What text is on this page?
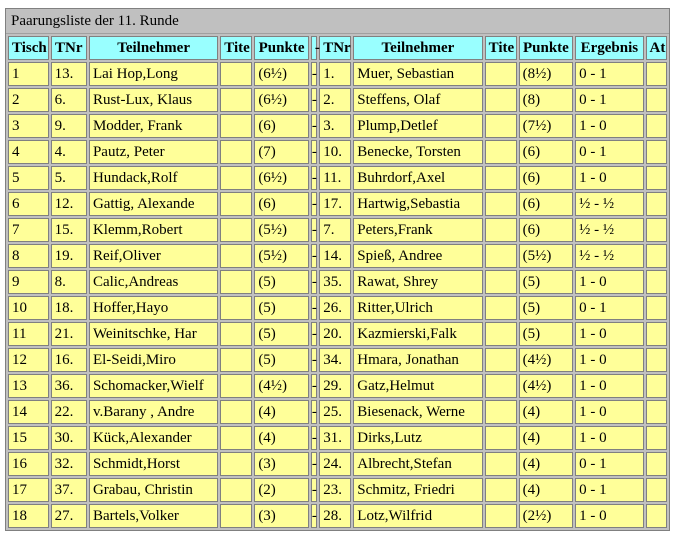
Paarungsliste der 11. Runde
Tisch	TNr	Teilnehmer	Tite	Punkte	-	TNr	Teilnehmer	Tite	Punkte	Ergebnis	At
1	13.	Lai Hop,Long		(6½)	-	1.	Muer, Sebastian		(8½)	0 - 1	
2	6.	Rust-Lux, Klaus		(6½)	-	2.	Steffens, Olaf		(8)	0 - 1	
3	9.	Modder, Frank		(6)	-	3.	Plump,Detlef		(7½)	1 - 0	
4	4.	Pautz, Peter		(7)	-	10.	Benecke, Torsten		(6)	0 - 1	
5	5.	Hundack,Rolf		(6½)	-	11.	Buhrdorf,Axel		(6)	1 - 0	
6	12.	Gattig, Alexande		(6)	-	17.	Hartwig,Sebastia		(6)	½ - ½	
7	15.	Klemm,Robert		(5½)	-	7.	Peters,Frank		(6)	½ - ½	
8	19.	Reif,Oliver		(5½)	-	14.	Spieß, Andree		(5½)	½ - ½	
9	8.	Calic,Andreas		(5)	-	35.	Rawat, Shrey		(5)	1 - 0	
10	18.	Hoffer,Hayo		(5)	-	26.	Ritter,Ulrich		(5)	0 - 1	
11	21.	Weinitschke, Har		(5)	-	20.	Kazmierski,Falk		(5)	1 - 0	
12	16.	El-Seidi,Miro		(5)	-	34.	Hmara, Jonathan		(4½)	1 - 0	
13	36.	Schomacker,Wielf		(4½)	-	29.	Gatz,Helmut		(4½)	1 - 0	
14	22.	v.Barany , Andre		(4)	-	25.	Biesenack, Werne		(4)	1 - 0	
15	30.	Kück,Alexander		(4)	-	31.	Dirks,Lutz		(4)	1 - 0	
16	32.	Schmidt,Horst		(3)	-	24.	Albrecht,Stefan		(4)	0 - 1	
17	37.	Grabau, Christin		(2)	-	23.	Schmitz, Friedri		(4)	0 - 1	
18	27.	Bartels,Volker		(3)	-	28.	Lotz,Wilfrid		(2½)	1 - 0	
